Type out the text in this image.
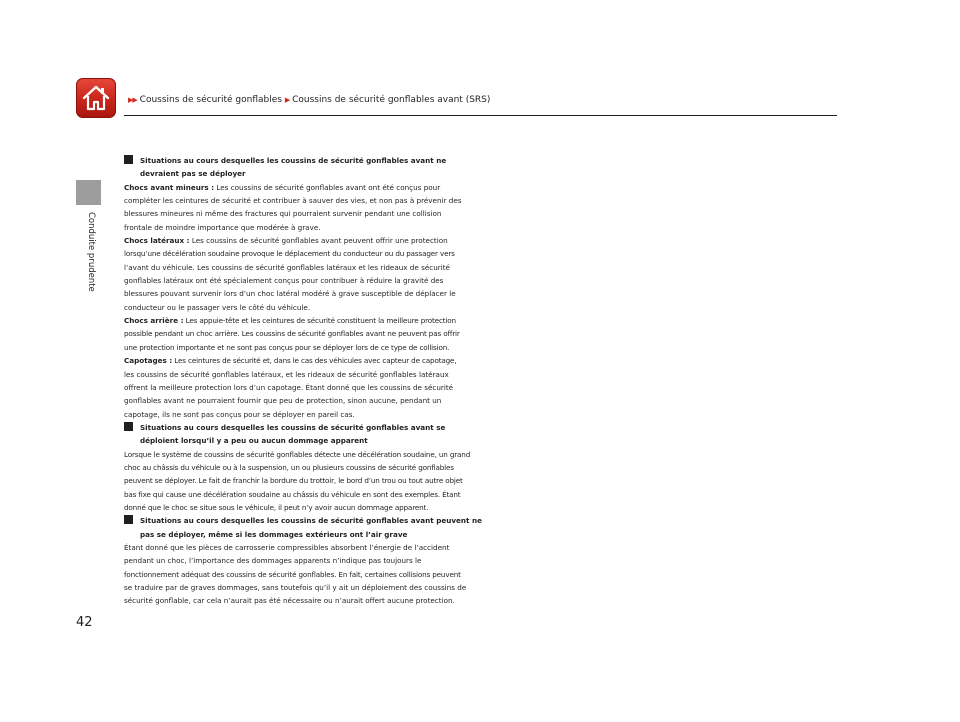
▶▶ Coussins de sécurité gonflables ▶ Coussins de sécurité gonflables avant (SRS)
Conduite prudente

Situations au cours desquelles les coussins de sécurité gonflables avant ne

devraient pas se déployer

Chocs avant mineurs : Les coussins de sécurité gonflables avant ont été conçus pour

compléter les ceintures de sécurité et contribuer à sauver des vies, et non pas à prévenir des

blessures mineures ni même des fractures qui pourraient survenir pendant une collision

frontale de moindre importance que modérée à grave.

Chocs latéraux : Les coussins de sécurité gonflables avant peuvent offrir une protection

lorsqu’une décélération soudaine provoque le déplacement du conducteur ou du passager vers

l’avant du véhicule. Les coussins de sécurité gonflables latéraux et les rideaux de sécurité

gonflables latéraux ont été spécialement conçus pour contribuer à réduire la gravité des

blessures pouvant survenir lors d’un choc latéral modéré à grave susceptible de déplacer le

conducteur ou le passager vers le côté du véhicule.

Chocs arrière : Les appuie-tête et les ceintures de sécurité constituent la meilleure protection

possible pendant un choc arrière. Les coussins de sécurité gonflables avant ne peuvent pas offrir

une protection importante et ne sont pas conçus pour se déployer lors de ce type de collision.

Capotages : Les ceintures de sécurité et, dans le cas des véhicules avec capteur de capotage,

les coussins de sécurité gonflables latéraux, et les rideaux de sécurité gonflables latéraux

offrent la meilleure protection lors d’un capotage. Étant donné que les coussins de sécurité

gonflables avant ne pourraient fournir que peu de protection, sinon aucune, pendant un

capotage, ils ne sont pas conçus pour se déployer en pareil cas.

Situations au cours desquelles les coussins de sécurité gonflables avant se

déploient lorsqu’il y a peu ou aucun dommage apparent

Lorsque le système de coussins de sécurité gonflables détecte une décélération soudaine, un grand

choc au châssis du véhicule ou à la suspension, un ou plusieurs coussins de sécurité gonflables

peuvent se déployer. Le fait de franchir la bordure du trottoir, le bord d’un trou ou tout autre objet

bas fixe qui cause une décélération soudaine au châssis du véhicule en sont des exemples. Étant

donné que le choc se situe sous le véhicule, il peut n’y avoir aucun dommage apparent.

Situations au cours desquelles les coussins de sécurité gonflables avant peuvent ne

pas se déployer, même si les dommages extérieurs ont l’air grave

Étant donné que les pièces de carrosserie compressibles absorbent l’énergie de l’accident

pendant un choc, l’importance des dommages apparents n’indique pas toujours le

fonctionnement adéquat des coussins de sécurité gonflables. En fait, certaines collisions peuvent

se traduire par de graves dommages, sans toutefois qu’il y ait un déploiement des coussins de

sécurité gonflable, car cela n’aurait pas été nécessaire ou n’aurait offert aucune protection.

42
